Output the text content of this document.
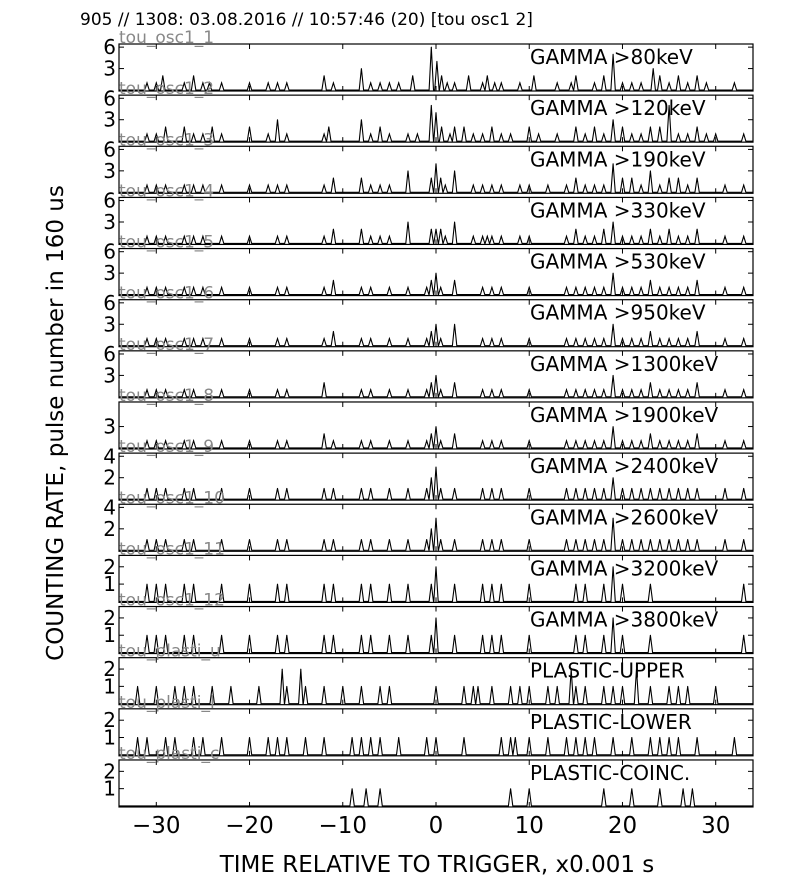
905 // 1308: 03.08.2016 // 10:57:46 (20) [tou osc1 2]
COUNTING RATE, pulse number in 160 us
TIME RELATIVE TO TRIGGER, x0.001 s
3
6	GAMMA >80keV
tou_osc1_1
3
6	GAMMA >120keV
tou_osc1_2
3
6	GAMMA >190keV
tou_osc1_3
3
6	GAMMA >330keV
tou_osc1_4
3
6	GAMMA >530keV
tou_osc1_5
3
6	GAMMA >950keV
tou_osc1_6
3
6	GAMMA >1300keV
tou_osc1_7
3	GAMMA >1900keV
tou_osc1_8
2
4	GAMMA >2400keV
tou_osc1_9
2
4	GAMMA >2600keV
tou_osc1_10
1
2	GAMMA >3200keV
tou_osc1_11
1
2	GAMMA >3800keV
tou_osc1_12
1
2	PLASTIC-UPPER
tou_plasti_u
1
2	PLASTIC-LOWER
tou_plasti_l
1
2	PLASTIC-COINC.
tou_plasti_c
−30 −20 −10	0	10	20	30
